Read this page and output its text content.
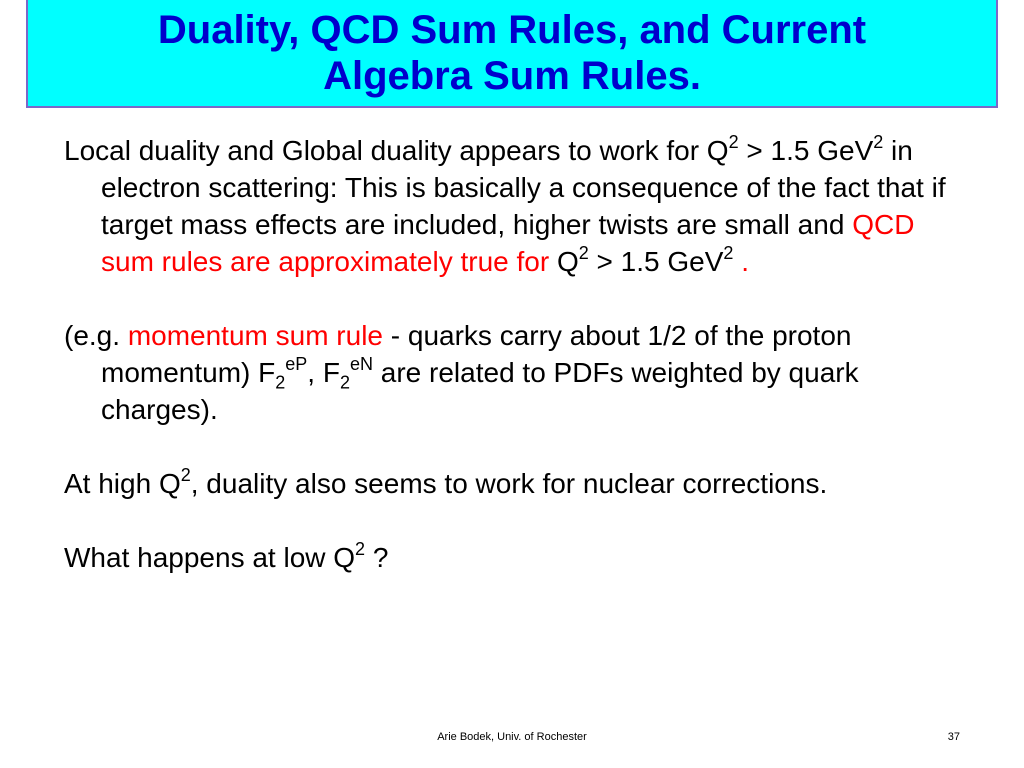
Duality, QCD Sum Rules, and Current
Algebra Sum Rules.

Local duality and Global duality appears to work for $Q^2 > 1.5$ GeV$^2$ in electron scattering: This is basically a consequence of the fact that if target mass effects are included, higher twists are small and QCD sum rules are approximately true for $Q^2 > 1.5$ GeV$^2$ .

(e.g. momentum sum rule - quarks carry about 1/2 of the proton momentum) $F_2^{eP}$, $F_2^{eN}$ are related to PDFs weighted by quark charges).

At high $Q^2$, duality also seems to work for nuclear corrections.

What happens at low $Q^2$ ?

Arie Bodek, Univ. of Rochester	37
